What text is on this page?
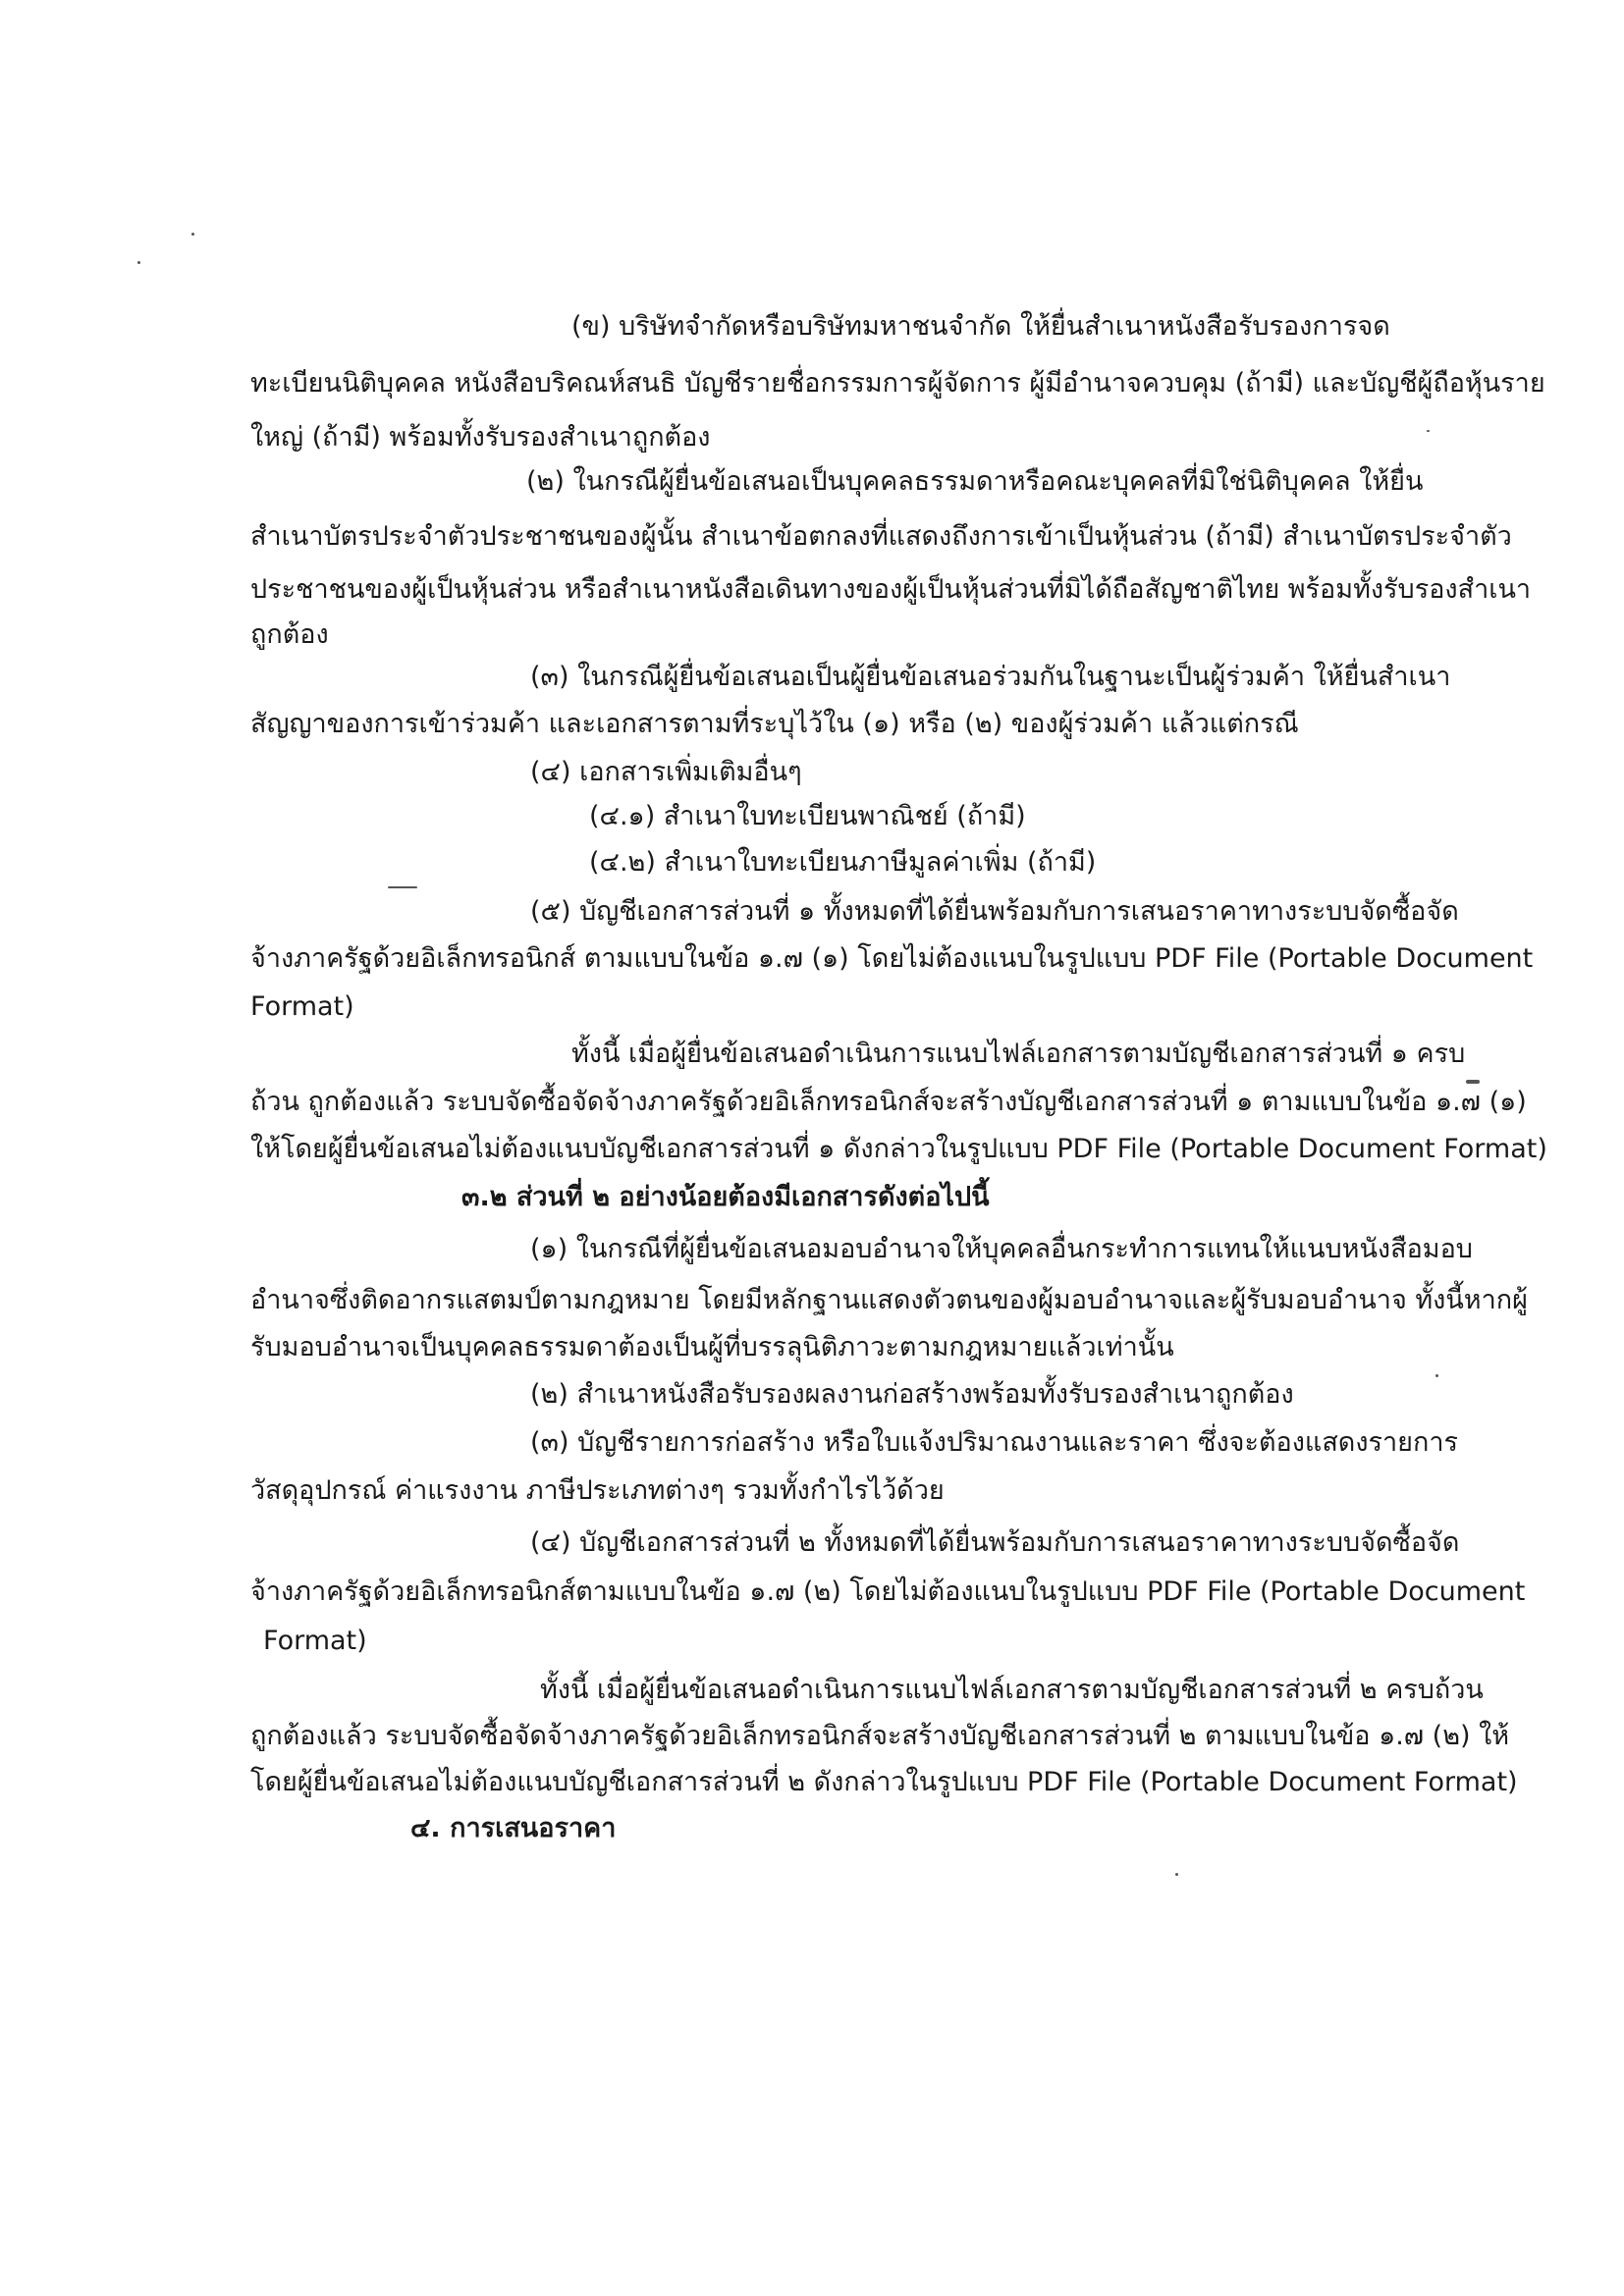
(ข) บริษัทจำกัดหรือบริษัทมหาชนจำกัด ให้ยื่นสำเนาหนังสือรับรองการจด

ทะเบียนนิติบุคคล หนังสือบริคณห์สนธิ บัญชีรายชื่อกรรมการผู้จัดการ ผู้มีอำนาจควบคุม (ถ้ามี) และบัญชีผู้ถือหุ้นราย

ใหญ่ (ถ้ามี) พร้อมทั้งรับรองสำเนาถูกต้อง

(๒) ในกรณีผู้ยื่นข้อเสนอเป็นบุคคลธรรมดาหรือคณะบุคคลที่มิใช่นิติบุคคล ให้ยื่น

สำเนาบัตรประจำตัวประชาชนของผู้นั้น สำเนาข้อตกลงที่แสดงถึงการเข้าเป็นหุ้นส่วน (ถ้ามี) สำเนาบัตรประจำตัว

ประชาชนของผู้เป็นหุ้นส่วน หรือสำเนาหนังสือเดินทางของผู้เป็นหุ้นส่วนที่มิได้ถือสัญชาติไทย พร้อมทั้งรับรองสำเนา

ถูกต้อง

(๓) ในกรณีผู้ยื่นข้อเสนอเป็นผู้ยื่นข้อเสนอร่วมกันในฐานะเป็นผู้ร่วมค้า ให้ยื่นสำเนา

สัญญาของการเข้าร่วมค้า และเอกสารตามที่ระบุไว้ใน (๑) หรือ (๒) ของผู้ร่วมค้า แล้วแต่กรณี

(๔) เอกสารเพิ่มเติมอื่นๆ

(๔.๑) สำเนาใบทะเบียนพาณิชย์ (ถ้ามี)

(๔.๒) สำเนาใบทะเบียนภาษีมูลค่าเพิ่ม (ถ้ามี)

(๕) บัญชีเอกสารส่วนที่ ๑ ทั้งหมดที่ได้ยื่นพร้อมกับการเสนอราคาทางระบบจัดซื้อจัด

จ้างภาครัฐด้วยอิเล็กทรอนิกส์ ตามแบบในข้อ ๑.๗ (๑) โดยไม่ต้องแนบในรูปแบบ PDF File (Portable Document

Format)

ทั้งนี้ เมื่อผู้ยื่นข้อเสนอดำเนินการแนบไฟล์เอกสารตามบัญชีเอกสารส่วนที่ ๑ ครบ

ถ้วน ถูกต้องแล้ว ระบบจัดซื้อจัดจ้างภาครัฐด้วยอิเล็กทรอนิกส์จะสร้างบัญชีเอกสารส่วนที่ ๑ ตามแบบในข้อ ๑.๗ (๑)

ให้โดยผู้ยื่นข้อเสนอไม่ต้องแนบบัญชีเอกสารส่วนที่ ๑ ดังกล่าวในรูปแบบ PDF File (Portable Document Format)

๓.๒ ส่วนที่ ๒ อย่างน้อยต้องมีเอกสารดังต่อไปนี้

(๑) ในกรณีที่ผู้ยื่นข้อเสนอมอบอำนาจให้บุคคลอื่นกระทำการแทนให้แนบหนังสือมอบ

อำนาจซึ่งติดอากรแสตมป์ตามกฎหมาย โดยมีหลักฐานแสดงตัวตนของผู้มอบอำนาจและผู้รับมอบอำนาจ ทั้งนี้หากผู้

รับมอบอำนาจเป็นบุคคลธรรมดาต้องเป็นผู้ที่บรรลุนิติภาวะตามกฎหมายแล้วเท่านั้น

(๒) สำเนาหนังสือรับรองผลงานก่อสร้างพร้อมทั้งรับรองสำเนาถูกต้อง

(๓) บัญชีรายการก่อสร้าง หรือใบแจ้งปริมาณงานและราคา ซึ่งจะต้องแสดงรายการ

วัสดุอุปกรณ์ ค่าแรงงาน ภาษีประเภทต่างๆ รวมทั้งกำไรไว้ด้วย

(๔) บัญชีเอกสารส่วนที่ ๒ ทั้งหมดที่ได้ยื่นพร้อมกับการเสนอราคาทางระบบจัดซื้อจัด

จ้างภาครัฐด้วยอิเล็กทรอนิกส์ตามแบบในข้อ ๑.๗ (๒) โดยไม่ต้องแนบในรูปแบบ PDF File (Portable Document

Format)

ทั้งนี้ เมื่อผู้ยื่นข้อเสนอดำเนินการแนบไฟล์เอกสารตามบัญชีเอกสารส่วนที่ ๒ ครบถ้วน

ถูกต้องแล้ว ระบบจัดซื้อจัดจ้างภาครัฐด้วยอิเล็กทรอนิกส์จะสร้างบัญชีเอกสารส่วนที่ ๒ ตามแบบในข้อ ๑.๗ (๒) ให้

โดยผู้ยื่นข้อเสนอไม่ต้องแนบบัญชีเอกสารส่วนที่ ๒ ดังกล่าวในรูปแบบ PDF File (Portable Document Format)

๔. การเสนอราคา
